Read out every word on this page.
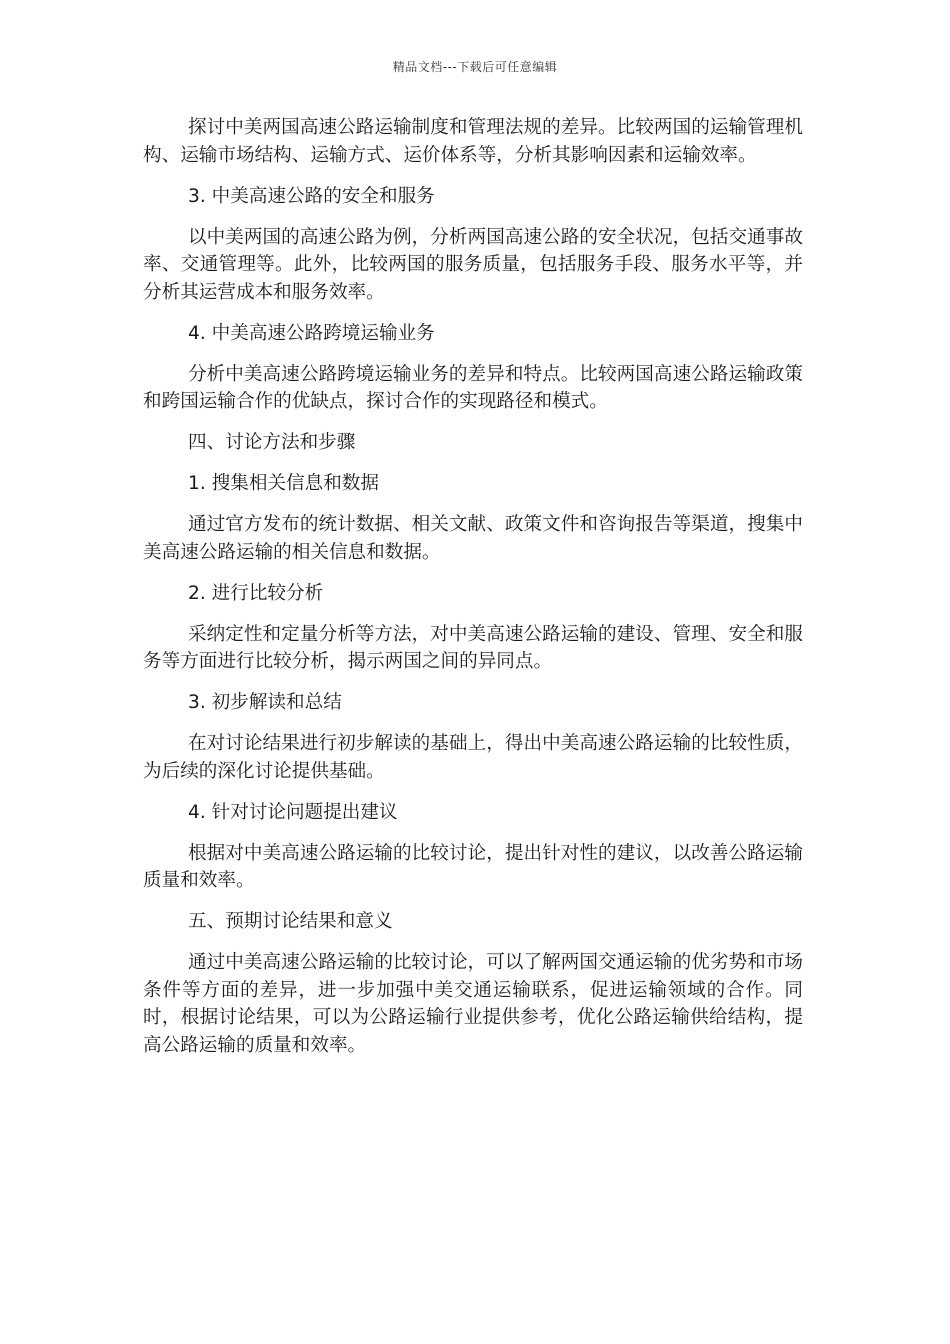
精品文档---下载后可任意编辑

探讨中美两国高速公路运输制度和管理法规的差异。比较两国的运输管理机构、运输市场结构、运输方式、运价体系等，分析其影响因素和运输效率。

3. 中美高速公路的安全和服务

以中美两国的高速公路为例，分析两国高速公路的安全状况，包括交通事故率、交通管理等。此外，比较两国的服务质量，包括服务手段、服务水平等，并分析其运营成本和服务效率。

4. 中美高速公路跨境运输业务

分析中美高速公路跨境运输业务的差异和特点。比较两国高速公路运输政策和跨国运输合作的优缺点，探讨合作的实现路径和模式。

四、讨论方法和步骤

1. 搜集相关信息和数据

通过官方发布的统计数据、相关文献、政策文件和咨询报告等渠道，搜集中美高速公路运输的相关信息和数据。

2. 进行比较分析

采纳定性和定量分析等方法，对中美高速公路运输的建设、管理、安全和服务等方面进行比较分析，揭示两国之间的异同点。

3. 初步解读和总结

在对讨论结果进行初步解读的基础上，得出中美高速公路运输的比较性质，为后续的深化讨论提供基础。

4. 针对讨论问题提出建议

根据对中美高速公路运输的比较讨论，提出针对性的建议，以改善公路运输质量和效率。

五、预期讨论结果和意义

通过中美高速公路运输的比较讨论，可以了解两国交通运输的优劣势和市场条件等方面的差异，进一步加强中美交通运输联系，促进运输领域的合作。同时，根据讨论结果，可以为公路运输行业提供参考，优化公路运输供给结构，提高公路运输的质量和效率。
